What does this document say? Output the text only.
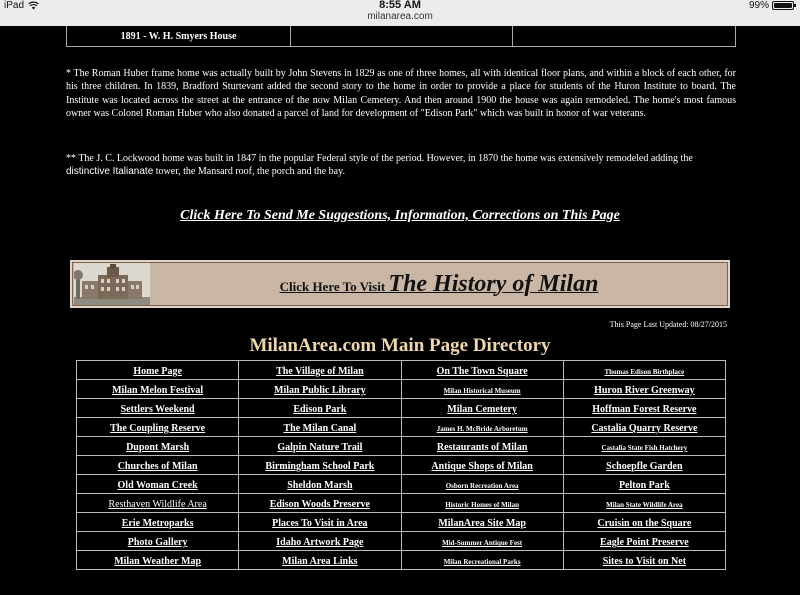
iPad	8:55 AM
milanarea.com
99%
1891 - W. H. Smyers House

* The Roman Huber frame home was actually built by John Stevens in 1829 as one of three homes, all with identical floor plans, and within a block of each other, for his three children. In 1839, Bradford Sturtevant added the second story to the home in order to provide a place for students of the Huron Institute to board. The Institute was located across the street at the entrance of the now Milan Cemetery. And then around 1900 the house was again remodeled. The home's most famous owner was Colonel Roman Huber who also donated a parcel of land for development of "Edison Park" which was built in honor of war veterans.

** The J. C. Lockwood home was built in 1847 in the popular Federal style of the period. However, in 1870 the home was extensively remodeled adding the
distinctive Italianate tower, the Mansard roof, the porch and the bay.

Click Here To Send Me Suggestions, Information, Corrections on This Page
Click Here To Visit The History of Milan
This Page Last Updated: 08/27/2015
MilanArea.com Main Page Directory
Home Page	The Village of Milan	On The Town Square	Thomas Edison Birthplace
Milan Melon Festival	Milan Public Library	Milan Historical Museum	Huron River Greenway
Settlers Weekend	Edison Park	Milan Cemetery	Hoffman Forest Reserve
The Coupling Reserve	The Milan Canal	James H. McBride Arboretum	Castalia Quarry Reserve
Dupont Marsh	Galpin Nature Trail	Restaurants of Milan	Castalia State Fish Hatchery
Churches of Milan	Birmingham School Park	Antique Shops of Milan	Schoepfle Garden
Old Woman Creek	Sheldon Marsh	Osborn Recreation Area	Pelton Park
Resthaven Wildlife Area	Edison Woods Preserve	Historic Homes of Milan	Milan State Wildlife Area
Erie Metroparks	Places To Visit in Area	MilanArea Site Map	Cruisin on the Square
Photo Gallery	Idaho Artwork Page	Mid-Summer Antique Fest	Eagle Point Preserve
Milan Weather Map	Milan Area Links	Milan Recreational Parks	Sites to Visit on Net
